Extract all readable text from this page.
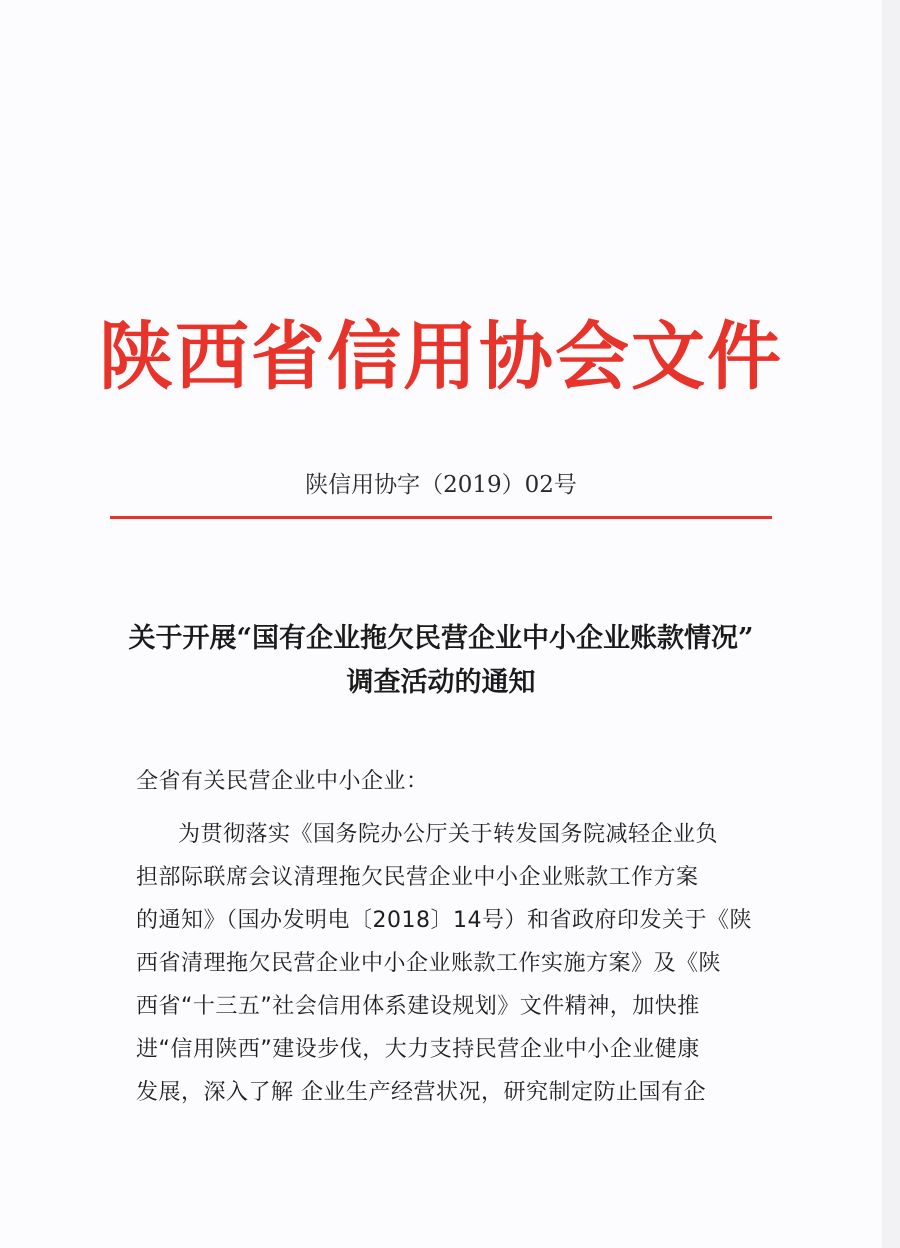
陕西省信用协会文件
陕信用协字（2019）02号
关于开展“国有企业拖欠民营企业中小企业账款情况”
调查活动的通知
全省有关民营企业中小企业：
为贯彻落实《国务院办公厅关于转发国务院减轻企业负
担部际联席会议清理拖欠民营企业中小企业账款工作方案
的通知》（国办发明电〔2018〕14号）和省政府印发关于《陕
西省清理拖欠民营企业中小企业账款工作实施方案》及《陕
西省“十三五”社会信用体系建设规划》文件精神，加快推
进“信用陕西”建设步伐，大力支持民营企业中小企业健康
发展，深入了解 企业生产经营状况，研究制定防止国有企
